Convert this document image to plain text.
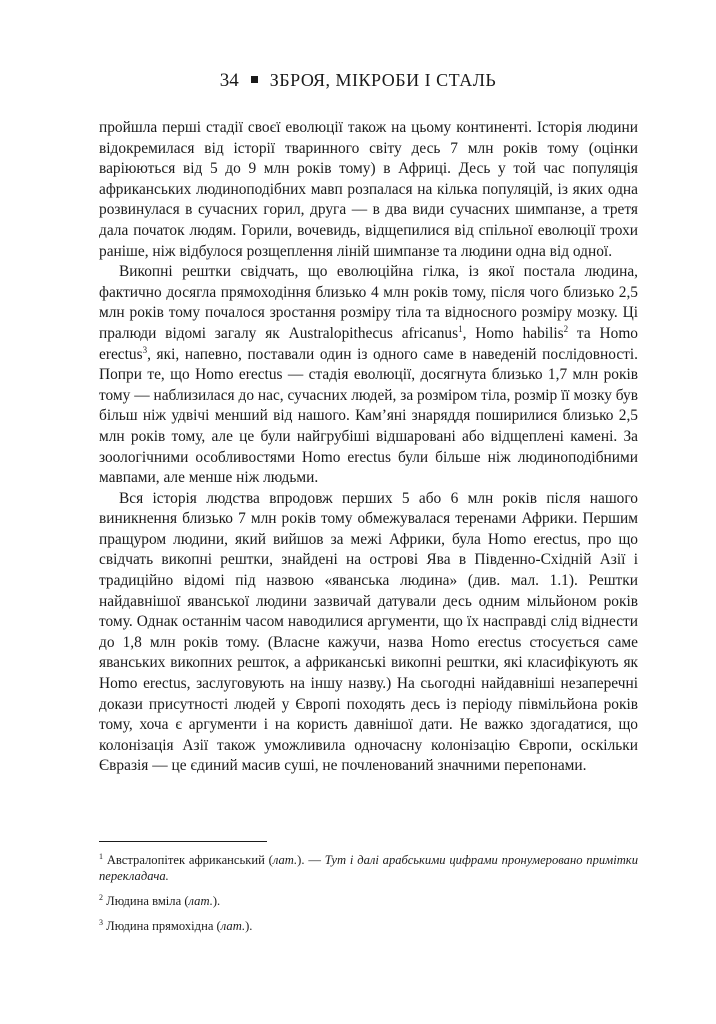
34 ЗБРОЯ, МІКРОБИ І СТАЛЬ

пройшла перші стадії своєї еволюції також на цьому континенті. Історія людини відокремилася від історії тваринного світу десь 7 млн років тому (оцінки варіюються від 5 до 9 млн років тому) в Африці. Десь у той час популяція африканських людиноподібних мавп розпалася на кілька популяцій, із яких одна розвинулася в сучасних горил, друга — в два види сучасних шимпанзе, а третя дала початок людям. Горили, вочевидь, відщепилися від спільної еволюції трохи раніше, ніж відбулося розщеплення ліній шимпанзе та людини одна від одної.

Викопні рештки свідчать, що еволюційна гілка, із якої постала людина, фактично досягла прямоходіння близько 4 млн років тому, після чого близько 2,5 млн років тому почалося зростання розміру тіла та відносного розміру мозку. Ці пралюди відомі загалу як Australopithecus africanus$^1$, Homo habilis$^2$ та Homo erectus$^3$, які, напевно, поставали один із одного саме в наведеній послідовності. Попри те, що Homo erectus — стадія еволюції, досягнута близько 1,7 млн років тому — наблизилася до нас, сучасних людей, за розміром тіла, розмір її мозку був більш ніж удвічі менший від нашого. Кам’яні знаряддя поширилися близько 2,5 млн років тому, але це були найгрубіші відшаровані або відщеплені камені. За зоологічними особливостями Homo erectus були більше ніж людиноподібними мавпами, але менше ніж людьми.

Вся історія людства впродовж перших 5 або 6 млн років після нашого виникнення близько 7 млн років тому обмежувалася теренами Африки. Першим пращуром людини, який вийшов за межі Африки, була Homo erectus, про що свідчать викопні рештки, знайдені на острові Ява в Південно-Східній Азії і традиційно відомі під назвою «яванська людина» (див. мал. 1.1). Рештки найдавнішої яванської людини зазвичай датували десь одним мільйоном років тому. Однак останнім часом наводилися аргументи, що їх насправді слід віднести до 1,8 млн років тому. (Власне кажучи, назва Homo erectus стосується саме яванських викопних решток, а африканські викопні рештки, які класифікують як Homo erectus, заслуговують на іншу назву.) На сьогодні найдавніші незаперечні докази присутності людей у Європі походять десь із періоду півмільйона років тому, хоча є аргументи і на користь давнішої дати. Не важко здогадатися, що колонізація Азії також уможливила одночасну колонізацію Європи, оскільки Євразія — це єдиний масив суші, не почленований значними перепонами.

$^1$ Австралопітек африканський (лат.). — Тут і далі арабськими цифрами пронумеровано примітки перекладача.

$^2$ Людина вміла (лат.).

$^3$ Людина прямохідна (лат.).
